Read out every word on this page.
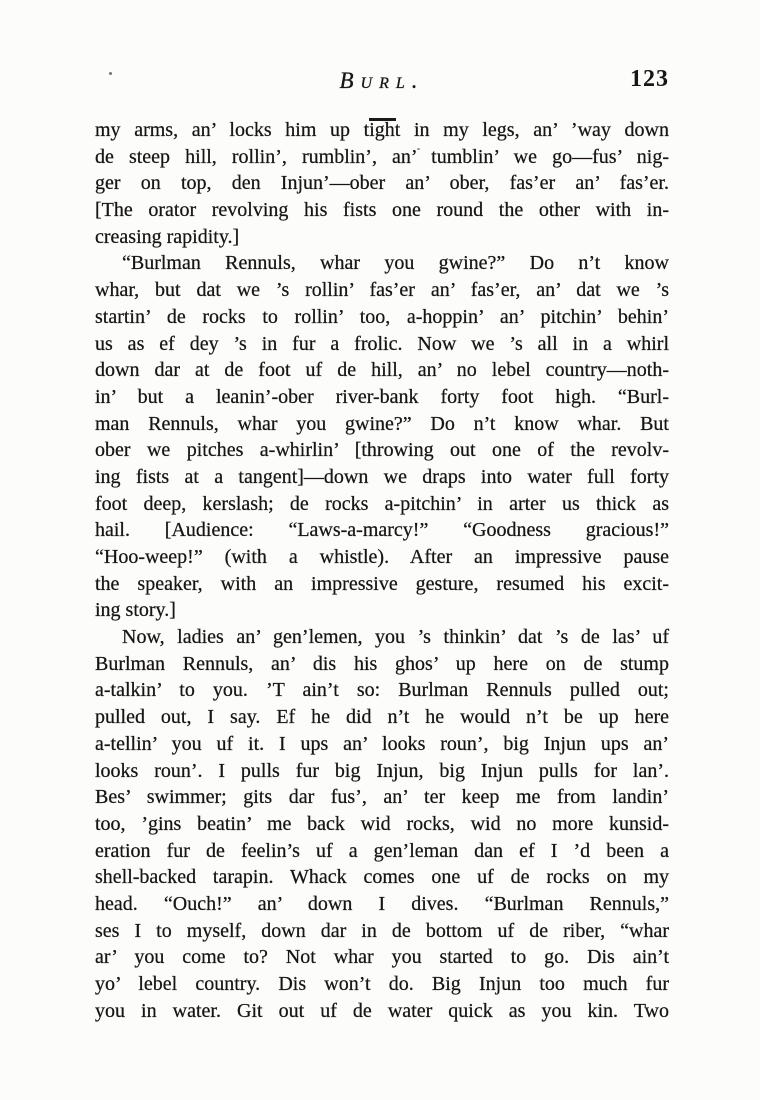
Burl.	123
my arms, an’ locks him up tight in my legs, an’ ’way down
de steep hill, rollin’, rumblin’, an’ tumblin’ we go—fus’ nig-
ger on top, den Injun’—ober an’ ober, fas’er an’ fas’er.
[The orator revolving his fists one round the other with in-
creasing rapidity.]
“Burlman Rennuls, whar you gwine?” Do n’t know
whar, but dat we ’s rollin’ fas’er an’ fas’er, an’ dat we ’s
startin’ de rocks to rollin’ too, a-hoppin’ an’ pitchin’ behin’
us as ef dey ’s in fur a frolic. Now we ’s all in a whirl
down dar at de foot uf de hill, an’ no lebel country—noth-
in’ but a leanin’-ober river-bank forty foot high. “Burl-
man Rennuls, whar you gwine?” Do n’t know whar. But
ober we pitches a-whirlin’ [throwing out one of the revolv-
ing fists at a tangent]—down we draps into water full forty
foot deep, kerslash; de rocks a-pitchin’ in arter us thick as
hail. [Audience: “Laws-a-marcy!” “Goodness gracious!”
“Hoo-weep!” (with a whistle). After an impressive pause
the speaker, with an impressive gesture, resumed his excit-
ing story.]
Now, ladies an’ gen’lemen, you ’s thinkin’ dat ’s de las’ uf
Burlman Rennuls, an’ dis his ghos’ up here on de stump
a-talkin’ to you. ’T ain’t so: Burlman Rennuls pulled out;
pulled out, I say. Ef he did n’t he would n’t be up here
a-tellin’ you uf it. I ups an’ looks roun’, big Injun ups an’
looks roun’. I pulls fur big Injun, big Injun pulls for lan’.
Bes’ swimmer; gits dar fus’, an’ ter keep me from landin’
too, ’gins beatin’ me back wid rocks, wid no more kunsid-
eration fur de feelin’s uf a gen’leman dan ef I ’d been a
shell-backed tarapin. Whack comes one uf de rocks on my
head. “Ouch!” an’ down I dives. “Burlman Rennuls,”
ses I to myself, down dar in de bottom uf de riber, “whar
ar’ you come to? Not whar you started to go. Dis ain’t
yo’ lebel country. Dis won’t do. Big Injun too much fur
you in water. Git out uf de water quick as you kin. Two
